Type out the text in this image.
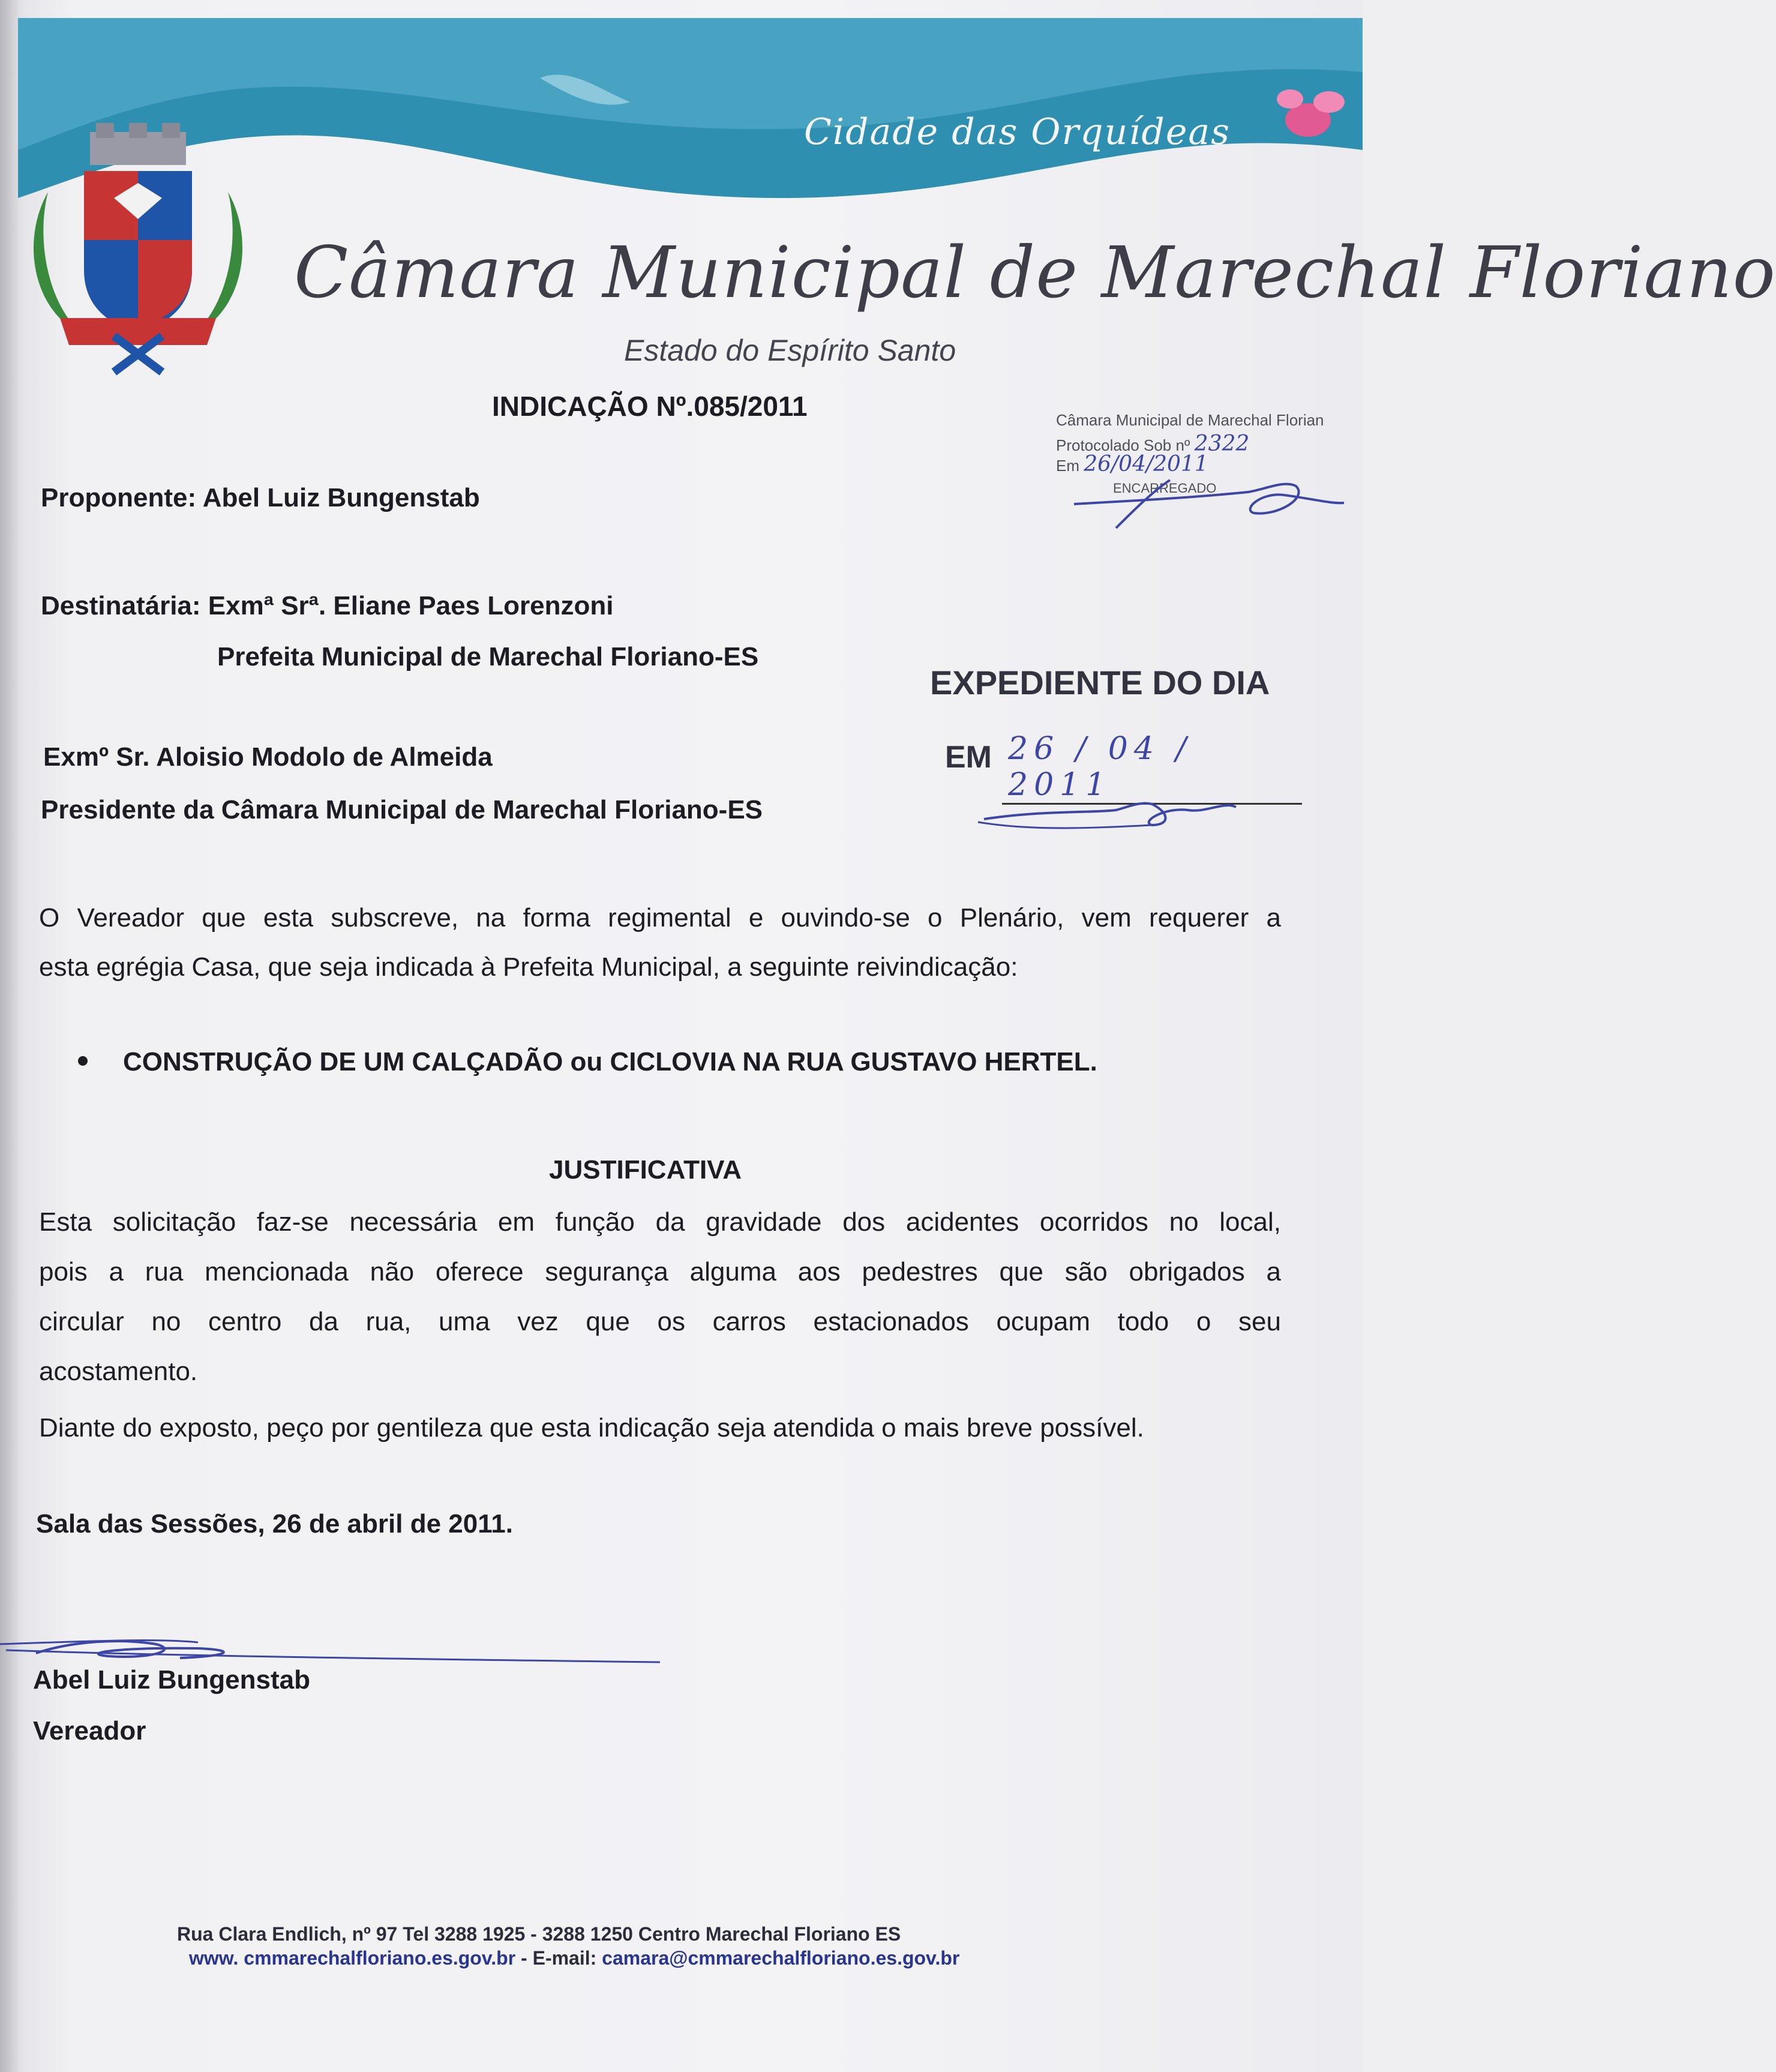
Cidade das Orquídeas
Câmara Municipal de Marechal Floriano
Estado do Espírito Santo
INDICAÇÃO Nº.085/2011	Câmara Municipal de Marechal Florian
Protocolado Sob nº 2322
Em 26/04/2011
ENCARREGADO
Proponente: Abel Luiz Bungenstab
Destinatária: Exmª Srª. Eliane Paes Lorenzoni
Prefeita Municipal de Marechal Floriano-ES
Exmº Sr. Aloisio Modolo de Almeida
Presidente da Câmara Municipal de Marechal Floriano-ES
EXPEDIENTE DO DIA
EM 26 / 04 / 2011
O Vereador que esta subscreve, na forma regimental e ouvindo-se o Plenário, vem requerer a
esta egrégia Casa, que seja indicada à Prefeita Municipal, a seguinte reivindicação:
CONSTRUÇÃO DE UM CALÇADÃO ou CICLOVIA NA RUA GUSTAVO HERTEL.
JUSTIFICATIVA
Esta solicitação faz-se necessária em função da gravidade dos acidentes ocorridos no local,
pois a rua mencionada não oferece segurança alguma aos pedestres que são obrigados a
circular no centro da rua, uma vez que os carros estacionados ocupam todo o seu
acostamento.
Diante do exposto, peço por gentileza que esta indicação seja atendida o mais breve possível.
Sala das Sessões, 26 de abril de 2011.
Abel Luiz Bungenstab
Vereador
Rua Clara Endlich, nº 97 Tel 3288 1925 - 3288 1250 Centro Marechal Floriano ES
www. cmmarechalfloriano.es.gov.br - E-mail: camara@cmmarechalfloriano.es.gov.br
